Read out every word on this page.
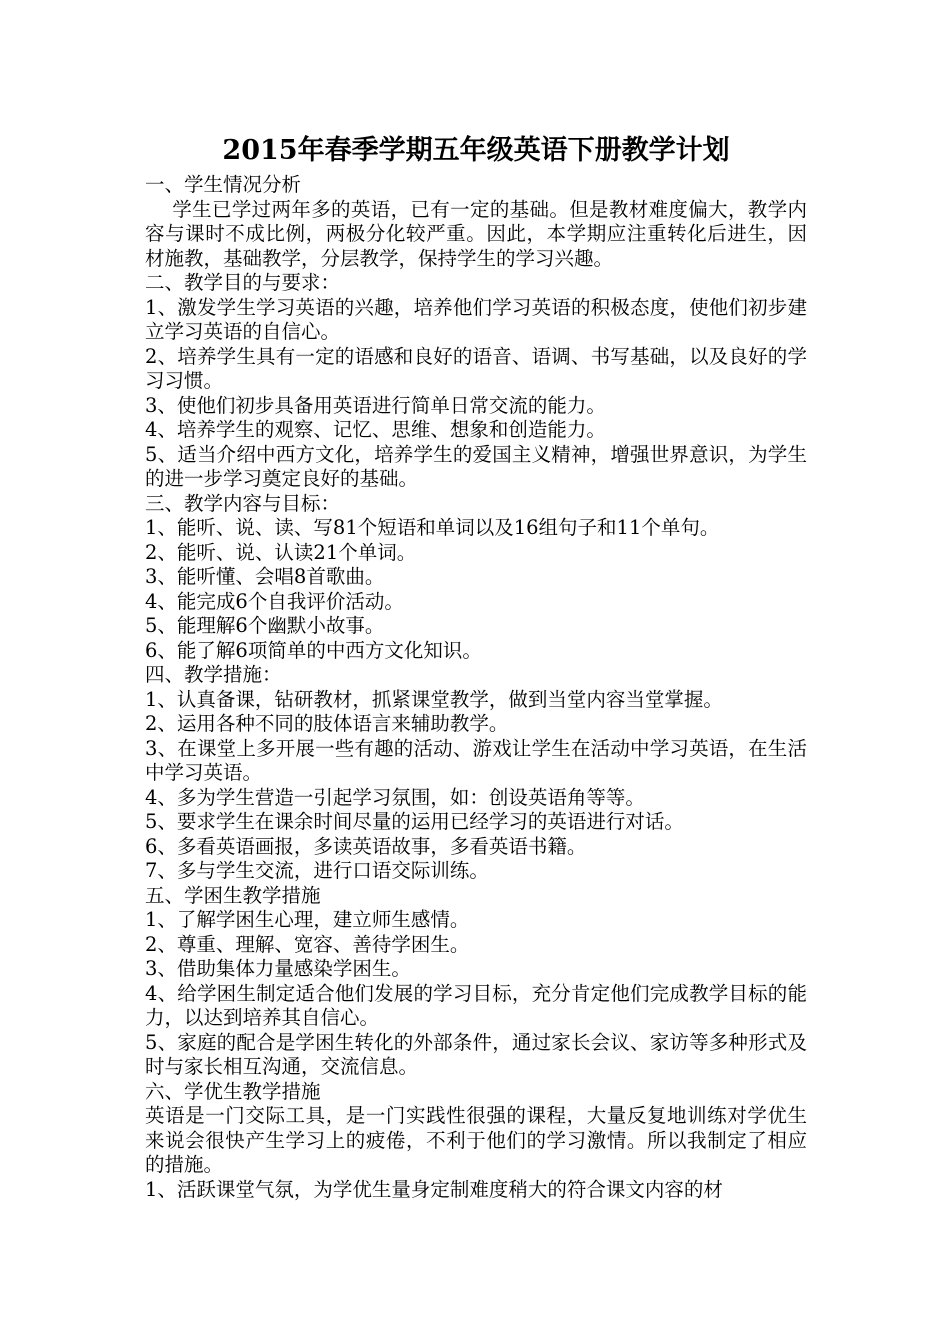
2015年春季学期五年级英语下册教学计划

一、学生情况分析

学生已学过两年多的英语，已有一定的基础。但是教材难度偏大，教学内容与课时不成比例，两极分化较严重。因此，本学期应注重转化后进生，因材施教，基础教学，分层教学，保持学生的学习兴趣。

二、教学目的与要求：

1、激发学生学习英语的兴趣，培养他们学习英语的积极态度，使他们初步建立学习英语的自信心。

2、培养学生具有一定的语感和良好的语音、语调、书写基础，以及良好的学习习惯。

3、使他们初步具备用英语进行简单日常交流的能力。

4、培养学生的观察、记忆、思维、想象和创造能力。

5、适当介绍中西方文化，培养学生的爱国主义精神，增强世界意识，为学生的进一步学习奠定良好的基础。

三、教学内容与目标：

1、能听、说、读、写81个短语和单词以及16组句子和11个单句。

2、能听、说、认读21个单词。

3、能听懂、会唱8首歌曲。

4、能完成6个自我评价活动。

5、能理解6个幽默小故事。

6、能了解6项简单的中西方文化知识。

四、教学措施：

1、认真备课，钻研教材，抓紧课堂教学，做到当堂内容当堂掌握。

2、运用各种不同的肢体语言来辅助教学。

3、在课堂上多开展一些有趣的活动、游戏让学生在活动中学习英语，在生活中学习英语。

4、多为学生营造一引起学习氛围，如：创设英语角等等。

5、要求学生在课余时间尽量的运用已经学习的英语进行对话。

6、多看英语画报，多读英语故事，多看英语书籍。

7、多与学生交流，进行口语交际训练。

五、学困生教学措施

1、了解学困生心理，建立师生感情。

2、尊重、理解、宽容、善待学困生。

3、借助集体力量感染学困生。

4、给学困生制定适合他们发展的学习目标，充分肯定他们完成教学目标的能力，以达到培养其自信心。

5、家庭的配合是学困生转化的外部条件，通过家长会议、家访等多种形式及时与家长相互沟通，交流信息。

六、学优生教学措施

英语是一门交际工具，是一门实践性很强的课程，大量反复地训练对学优生来说会很快产生学习上的疲倦，不利于他们的学习激情。所以我制定了相应的措施。

1、活跃课堂气氛，为学优生量身定制难度稍大的符合课文内容的材
